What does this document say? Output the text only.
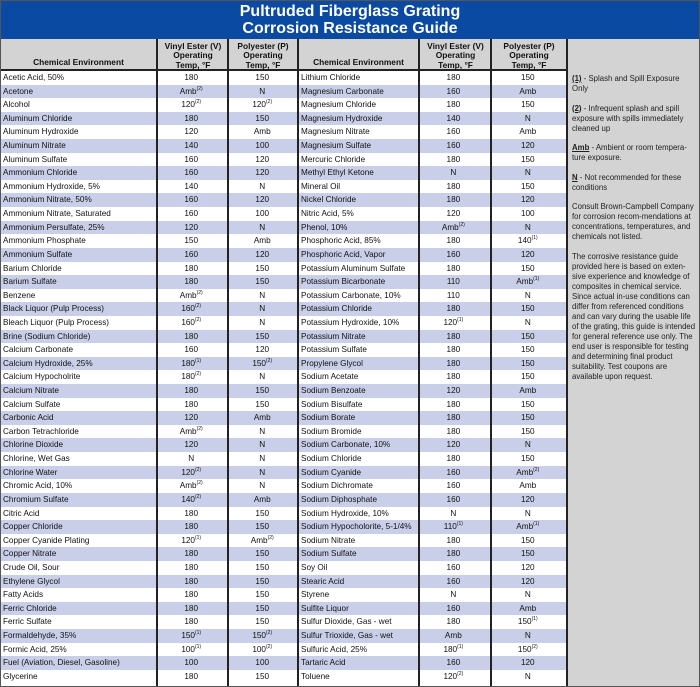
Pultruded Fiberglass Grating
Corrosion Resistance Guide
Chemical Environment
Vinyl Ester (V)
Operating
Temp, °F
Polyester (P)
Operating
Temp, °F	Chemical Environment
Vinyl Ester (V)
Operating
Temp, °F
Polyester (P)
Operating
Temp, °F
Acetic Acid, 50%	180	150
Acetone	Amb$^{(2)}$	N
Alcohol	120$^{(2)}$	120$^{(2)}$
Aluminum Chloride	180	150
Aluminum Hydroxide	120	Amb
Aluminum Nitrate	140	100
Aluminum Sulfate	160	120
Ammonium Chloride	160	120
Ammonium Hydroxide, 5%	140	N
Ammonium Nitrate, 50%	160	120
Ammonium Nitrate, Saturated	160	100
Ammonium Persulfate, 25%	120	N
Ammonium Phosphate	150	Amb
Ammonium Sulfate	160	120
Barium Chloride	180	150
Barium Sulfate	180	150
Benzene	Amb$^{(2)}$	N
Black Liquor (Pulp Process)	160$^{(2)}$	N
Bleach Liquor (Pulp Process)	160$^{(2)}$	N
Brine (Sodium Chloride)	180	150
Calcium Carbonate	160	120
Calcium Hydroxide, 25%	180$^{(1)}$	150$^{(2)}$
Calcium Hypocholrite	180$^{(2)}$	N
Calcium Nitrate	180	150
Calcium Sulfate	180	150
Carbonic Acid	120	Amb
Carbon Tetrachloride	Amb$^{(2)}$	N
Chlorine Dioxide	120	N
Chlorine, Wet Gas	N	N
Chlorine Water	120$^{(2)}$	N
Chromic Acid, 10%	Amb$^{(2)}$	N
Chromium Sulfate	140$^{(2)}$	Amb
Citric Acid	180	150
Copper Chloride	180	150
Copper Cyanide Plating	120$^{(1)}$	Amb$^{(2)}$
Copper Nitrate	180	150
Crude Oil, Sour	180	150
Ethylene Glycol	180	150
Fatty Acids	180	150
Ferric Chloride	180	150
Ferric Sulfate	180	150
Formaldehyde, 35%	150$^{(1)}$	150$^{(2)}$
Formic Acid, 25%	100$^{(1)}$	100$^{(2)}$
Fuel (Aviation, Diesel, Gasoline)	100	100
Glycerine	180	150
Lithium Chloride	180	150
Magnesium Carbonate	160	Amb
Magnesium Chloride	180	150
Magnesium Hydroxide	140	N
Magnesium Nitrate	160	Amb
Magnesium Sulfate	160	120
Mercuric Chloride	180	150
Methyl Ethyl Ketone	N	N
Mineral Oil	180	150
Nickel Chloride	180	120
Nitric Acid, 5%	120	100
Phenol, 10%	Amb$^{(2)}$	N
Phosphoric Acid, 85%	180	140$^{(1)}$
Phosphoric Acid, Vapor	160	120
Potassium Aluminum Sulfate	180	150
Potassium Bicarbonate	110	Amb$^{(1)}$
Potassium Carbonate, 10%	110	N
Potassium Chloride	180	150
Potassium Hydroxide, 10%	120$^{(1)}$	N
Potassium Nitrate	180	150
Potassium Sulfate	180	150
Propylene Glycol	180	150
Sodium Acetate	180	150
Sodium Benzoate	120	Amb
Sodium Bisulfate	180	150
Sodium Borate	180	150
Sodium Bromide	180	150
Sodium Carbonate, 10%	120	N
Sodium Chloride	180	150
Sodium Cyanide	160	Amb$^{(2)}$
Sodium Dichromate	160	Amb
Sodium Diphosphate	160	120
Sodium Hydroxide, 10%	N	N
Sodium Hypocholorite, 5-1/4%	110$^{(1)}$	Amb$^{(1)}$
Sodium Nitrate	180	150
Sodium Sulfate	180	150
Soy Oil	160	120
Stearic Acid	160	120
Styrene	N	N
Sulfite Liquor	160	Amb
Sulfur Dioxide, Gas - wet	180	150$^{(1)}$
Sulfur Trioxide, Gas - wet	Amb	N
Sulfuric Acid, 25%	180$^{(1)}$	150$^{(2)}$
Tartaric Acid	160	120
Toluene	120$^{(2)}$	N

(1) - Splash and Spill Exposure Only

(2) - Infrequent splash and spill exposure with spills immediately cleaned up

Amb - Ambient or room tempera-ture exposure.

N - Not recommended for these conditions

Consult Brown-Campbell Company for corrosion recom-mendations at concentrations, temperatures, and chemicals not listed.

The corrosive resistance guide provided here is based on exten-sive experience and knowledge of composites in chemical service. Since actual in-use conditions can differ from referenced conditions and can vary during the usable life of the grating, this guide is intended for general reference use only. The end user is responsible for testing and determining final product suitability. Test coupons are available upon request.
